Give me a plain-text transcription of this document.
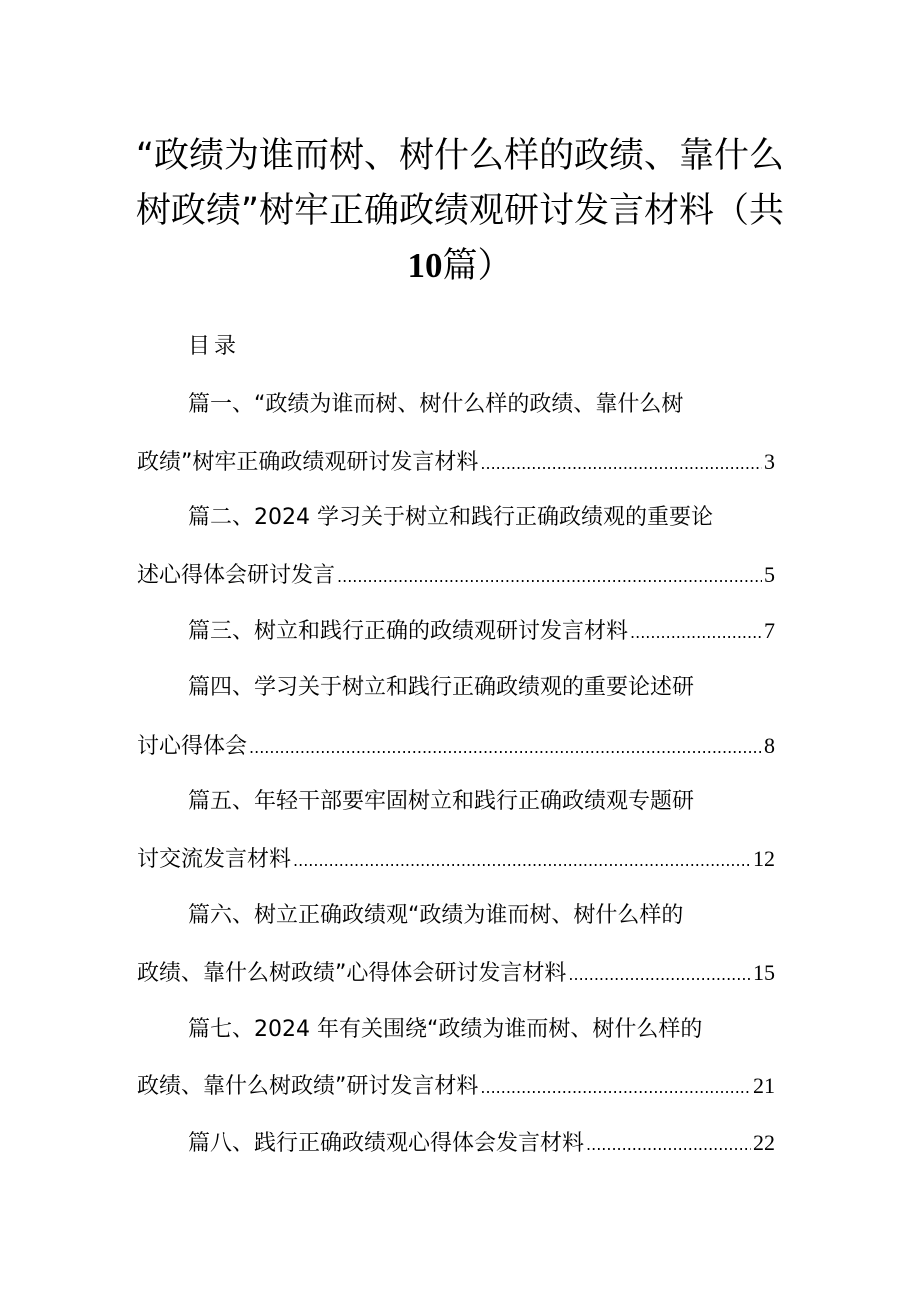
“政绩为谁而树、树什么样的政绩、靠什么
树政绩”树牢正确政绩观研讨发言材料（共
10篇）
目录
篇一、“政绩为谁而树、树什么样的政绩、靠什么树
政绩”树牢正确政绩观研讨发言材料 .....	3
篇二、2024 学习关于树立和践行正确政绩观的重要论
述心得体会研讨发言 .....	5
篇三、树立和践行正确的政绩观研讨发言材料 .....	7
篇四、学习关于树立和践行正确政绩观的重要论述研
讨心得体会 .....	8
篇五、年轻干部要牢固树立和践行正确政绩观专题研
讨交流发言材料 .....	12
篇六、树立正确政绩观“政绩为谁而树、树什么样的
政绩、靠什么树政绩”心得体会研讨发言材料 .....	15
篇七、2024 年有关围绕“政绩为谁而树、树什么样的
政绩、靠什么树政绩”研讨发言材料 .....	21
篇八、践行正确政绩观心得体会发言材料 .....	22
